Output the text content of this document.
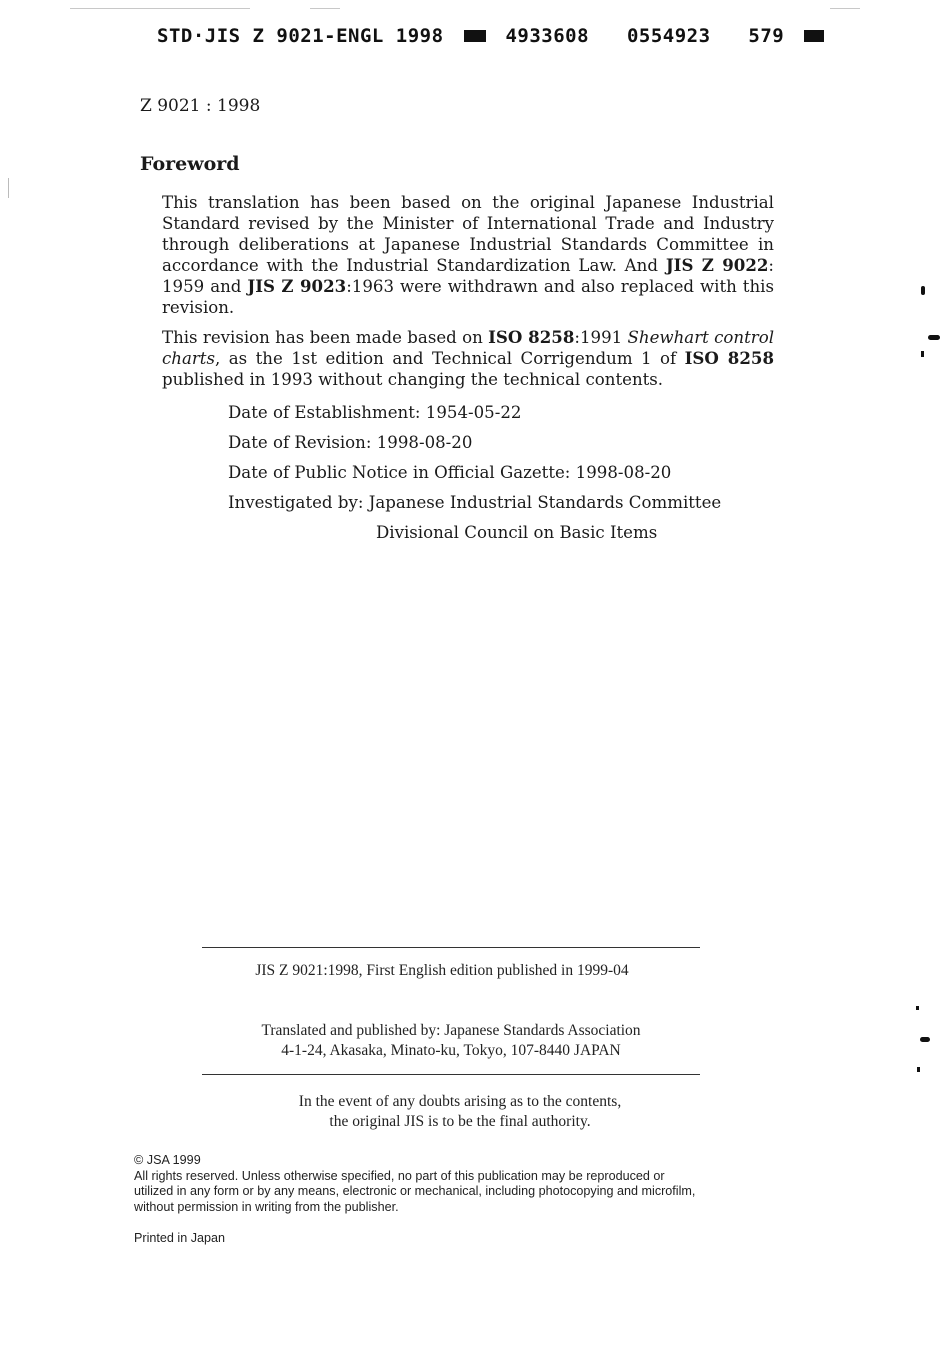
STD·JIS Z 9021-ENGL 1998	4933608 0554923 579
Z 9021 : 1998
Foreword

This translation has been based on the original Japanese Industrial Standard revised by the Minister of International Trade and Industry through deliberations at Japanese Industrial Standards Committee in accordance with the Industrial Standardization Law. And JIS Z 9022: 1959 and JIS Z 9023:1963 were withdrawn and also replaced with this revision.

This revision has been made based on ISO 8258:1991 Shewhart control charts, as the 1st edition and Technical Corrigendum 1 of ISO 8258 published in 1993 without changing the technical contents.

Date of Establishment: 1954-05-22
Date of Revision: 1998-08-20
Date of Public Notice in Official Gazette: 1998-08-20
Investigated by: Japanese Industrial Standards Committee
Divisional Council on Basic Items
JIS Z 9021:1998, First English edition published in 1999-04
Translated and published by: Japanese Standards Association
4-1-24, Akasaka, Minato-ku, Tokyo, 107-8440 JAPAN
In the event of any doubts arising as to the contents,
the original JIS is to be the final authority.
© JSA 1999
All rights reserved. Unless otherwise specified, no part of this publication may be reproduced or
utilized in any form or by any means, electronic or mechanical, including photocopying and microfilm,
without permission in writing from the publisher.
Printed in Japan
